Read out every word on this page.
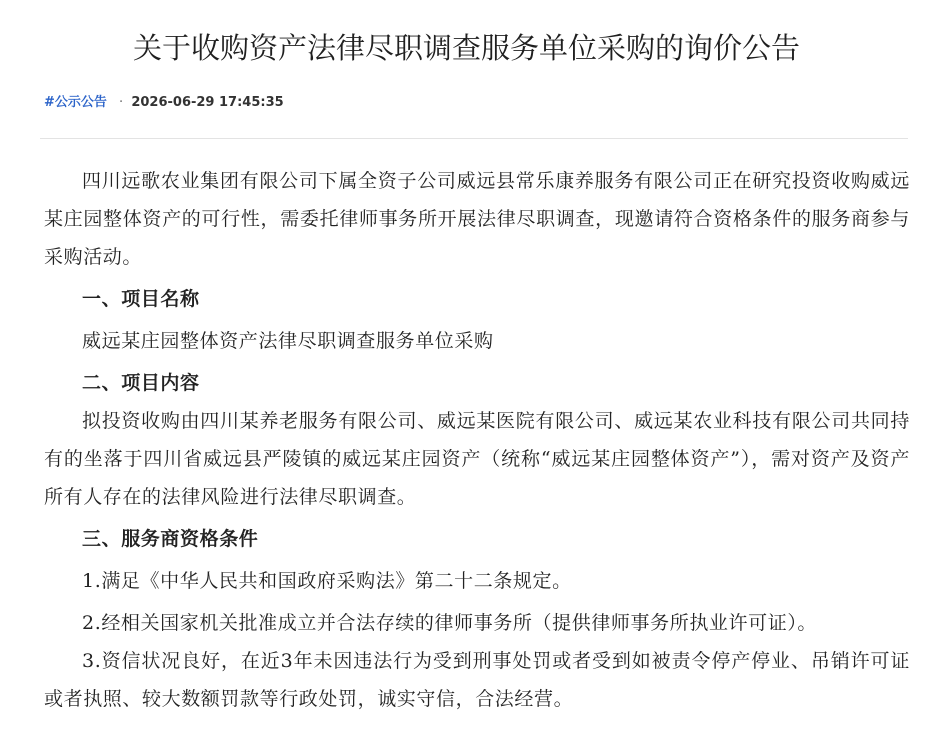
关于收购资产法律尽职调查服务单位采购的询价公告
#公示公告 · 2026-06-29 17:45:35

四川远歌农业集团有限公司下属全资子公司威远县常乐康养服务有限公司正在研究投资收购威远某庄园整体资产的可行性，需委托律师事务所开展法律尽职调查，现邀请符合资格条件的服务商参与采购活动。

一、项目名称

威远某庄园整体资产法律尽职调查服务单位采购

二、项目内容

拟投资收购由四川某养老服务有限公司、威远某医院有限公司、威远某农业科技有限公司共同持有的坐落于四川省威远县严陵镇的威远某庄园资产（统称“威远某庄园整体资产”），需对资产及资产所有人存在的法律风险进行法律尽职调查。

三、服务商资格条件

1.满足《中华人民共和国政府采购法》第二十二条规定。

2.经相关国家机关批准成立并合法存续的律师事务所（提供律师事务所执业许可证）。

3.资信状况良好，在近3年未因违法行为受到刑事处罚或者受到如被责令停产停业、吊销许可证或者执照、较大数额罚款等行政处罚，诚实守信，合法经营。
